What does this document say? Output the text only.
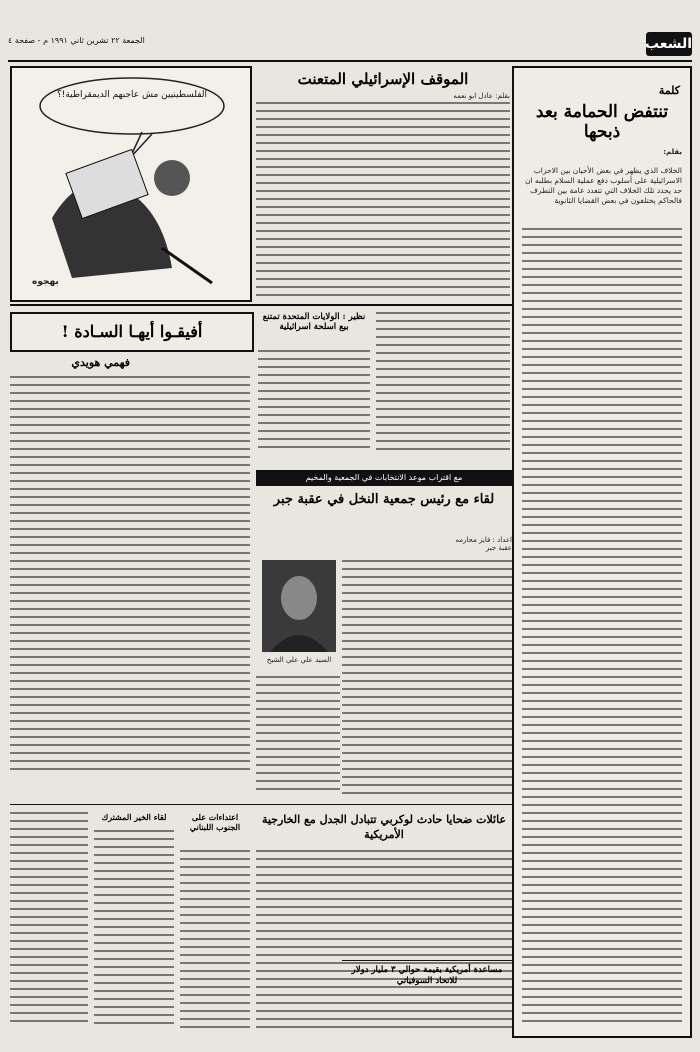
الشعب
الجمعة ٢٢ تشرين ثاني ١٩٩١ م - صفحة ٤
كلمة
تنتفض الحمامة بعد ذبحها
بقلم:
الخلاف الذي يظهر في بعض الأحيان بين الاحزاب الاسرائيلية على أسلوب دفع عملية السلام بطلبه ان حد يحدد تلك الخلاف التي تتعدد عامة بين التطرف فالحاكم يختلفون في بعض القضايا الثانوية
الموقف الإسرائيلي المتعنت
بقلم: عادل ابو نعمه
الفلسطينيين مش عاجبهم الديمقراطية!؟
بهجوه
نظير : الولايات المتحدة تمتنع بيع اسلحة اسرائيلية
أفيقـوا أيهـا السـادة !
فهمي هويدي
مع اقتراب موعد الانتخابات في الجمعية والمخيم
لقاء مع رئيس جمعية النخل في عقبة جبر
اعداد : فايز محارمه
عقبة جبر
السيد علي علي الشيخ
عائلات ضحايا حادث لوكربي تتبادل الجدل مع الخارجية الأمريكية
اعتداءات على الجنوب اللبناني
لقاء الخير المشترك
مساعدة أمريكية بقيمة حوالي ٣ مليار دولار للاتحاد السوفياتي
